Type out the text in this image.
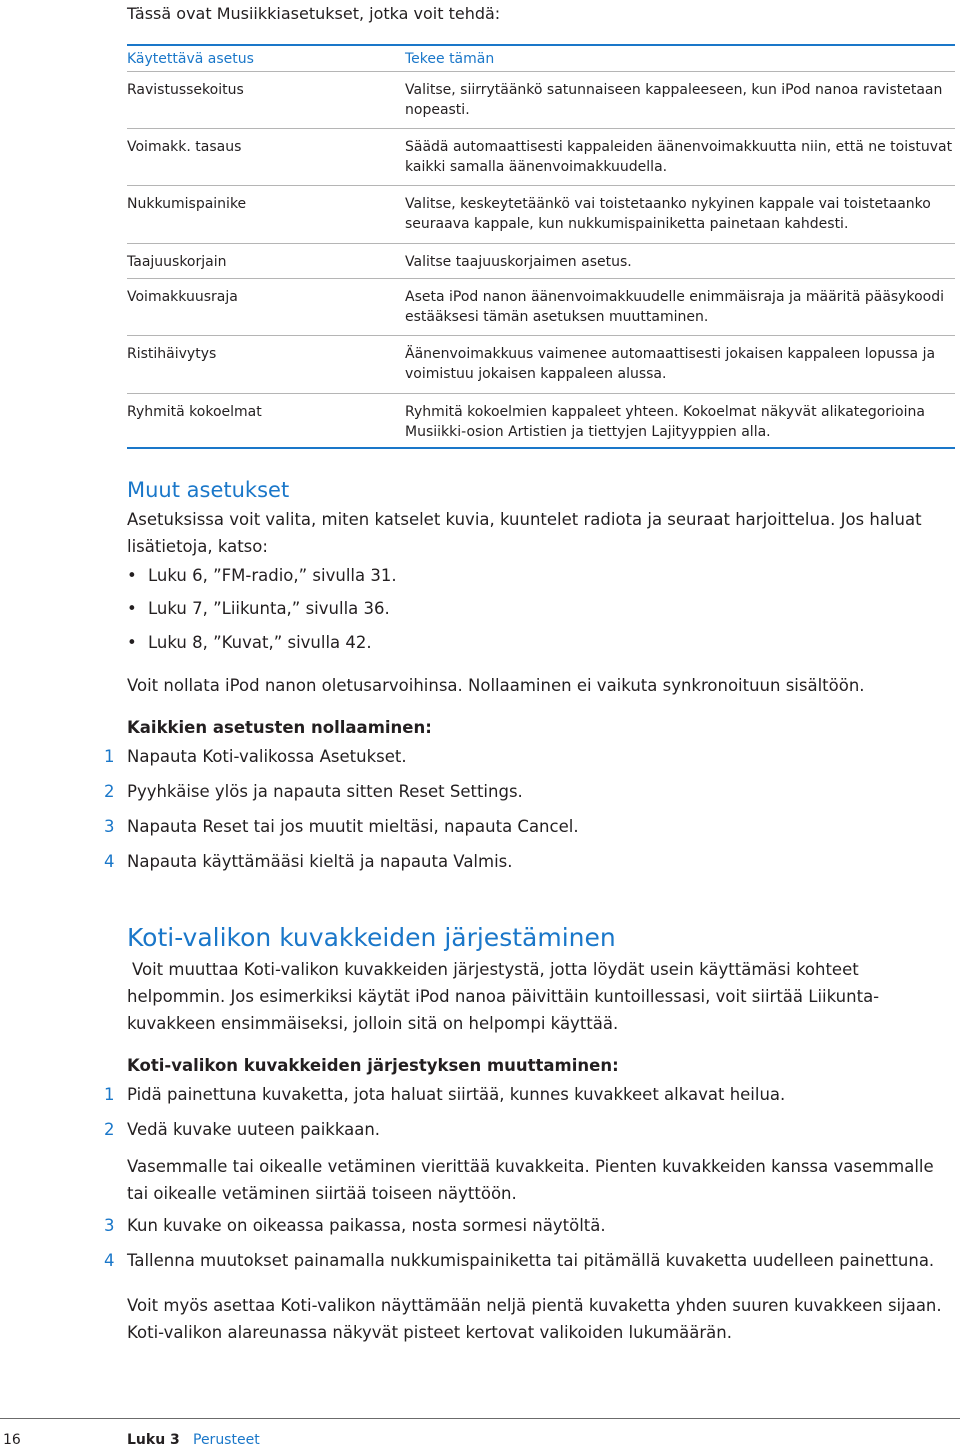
Tässä ovat Musiikkiasetukset, jotka voit tehdä:
Käytettävä asetus	Tekee tämän
Ravistussekoitus	Valitse, siirrytäänkö satunnaiseen kappaleeseen, kun iPod nanoa ravistetaan nopeasti.
Voimakk. tasaus	Säädä automaattisesti kappaleiden äänenvoimakkuutta niin, että ne toistuvat kaikki samalla äänenvoimakkuudella.
Nukkumispainike	Valitse, keskeytetäänkö vai toistetaanko nykyinen kappale vai toistetaanko seuraava kappale, kun nukkumispainiketta painetaan kahdesti.
Taajuuskorjain	Valitse taajuuskorjaimen asetus.
Voimakkuusraja	Aseta iPod nanon äänenvoimakkuudelle enimmäisraja ja määritä pääsykoodi estääksesi tämän asetuksen muuttaminen.
Ristihäivytys	Äänenvoimakkuus vaimenee automaattisesti jokaisen kappaleen lopussa ja voimistuu jokaisen kappaleen alussa.
Ryhmitä kokoelmat	Ryhmitä kokoelmien kappaleet yhteen. Kokoelmat näkyvät alikategorioina Musiikki-osion Artistien ja tiettyjen Lajityyppien alla.
Muut asetukset
Asetuksissa voit valita, miten katselet kuvia, kuuntelet radiota ja seuraat harjoittelua. Jos haluat lisätietoja, katso:
• Luku 6, ”FM-radio,” sivulla 31.
• Luku 7, ”Liikunta,” sivulla 36.
• Luku 8, ”Kuvat,” sivulla 42.
Voit nollata iPod nanon oletusarvoihinsa. Nollaaminen ei vaikuta synkronoituun sisältöön.
Kaikkien asetusten nollaaminen:
1 Napauta Koti-valikossa Asetukset.
2 Pyyhkäise ylös ja napauta sitten Reset Settings.
3 Napauta Reset tai jos muutit mieltäsi, napauta Cancel.
4 Napauta käyttämääsi kieltä ja napauta Valmis.
Koti-valikon kuvakkeiden järjestäminen
Voit muuttaa Koti-valikon kuvakkeiden järjestystä, jotta löydät usein käyttämäsi kohteet helpommin. Jos esimerkiksi käytät iPod nanoa päivittäin kuntoillessasi, voit siirtää Liikunta-kuvakkeen ensimmäiseksi, jolloin sitä on helpompi käyttää.
Koti-valikon kuvakkeiden järjestyksen muuttaminen:
1 Pidä painettuna kuvaketta, jota haluat siirtää, kunnes kuvakkeet alkavat heilua.
2 Vedä kuvake uuteen paikkaan.
Vasemmalle tai oikealle vetäminen vierittää kuvakkeita. Pienten kuvakkeiden kanssa vasemmalle tai oikealle vetäminen siirtää toiseen näyttöön.
3 Kun kuvake on oikeassa paikassa, nosta sormesi näytöltä.
4 Tallenna muutokset painamalla nukkumispainiketta tai pitämällä kuvaketta uudelleen painettuna.
Voit myös asettaa Koti-valikon näyttämään neljä pientä kuvaketta yhden suuren kuvakkeen sijaan. Koti-valikon alareunassa näkyvät pisteet kertovat valikoiden lukumäärän.
16	Luku 3 Perusteet
